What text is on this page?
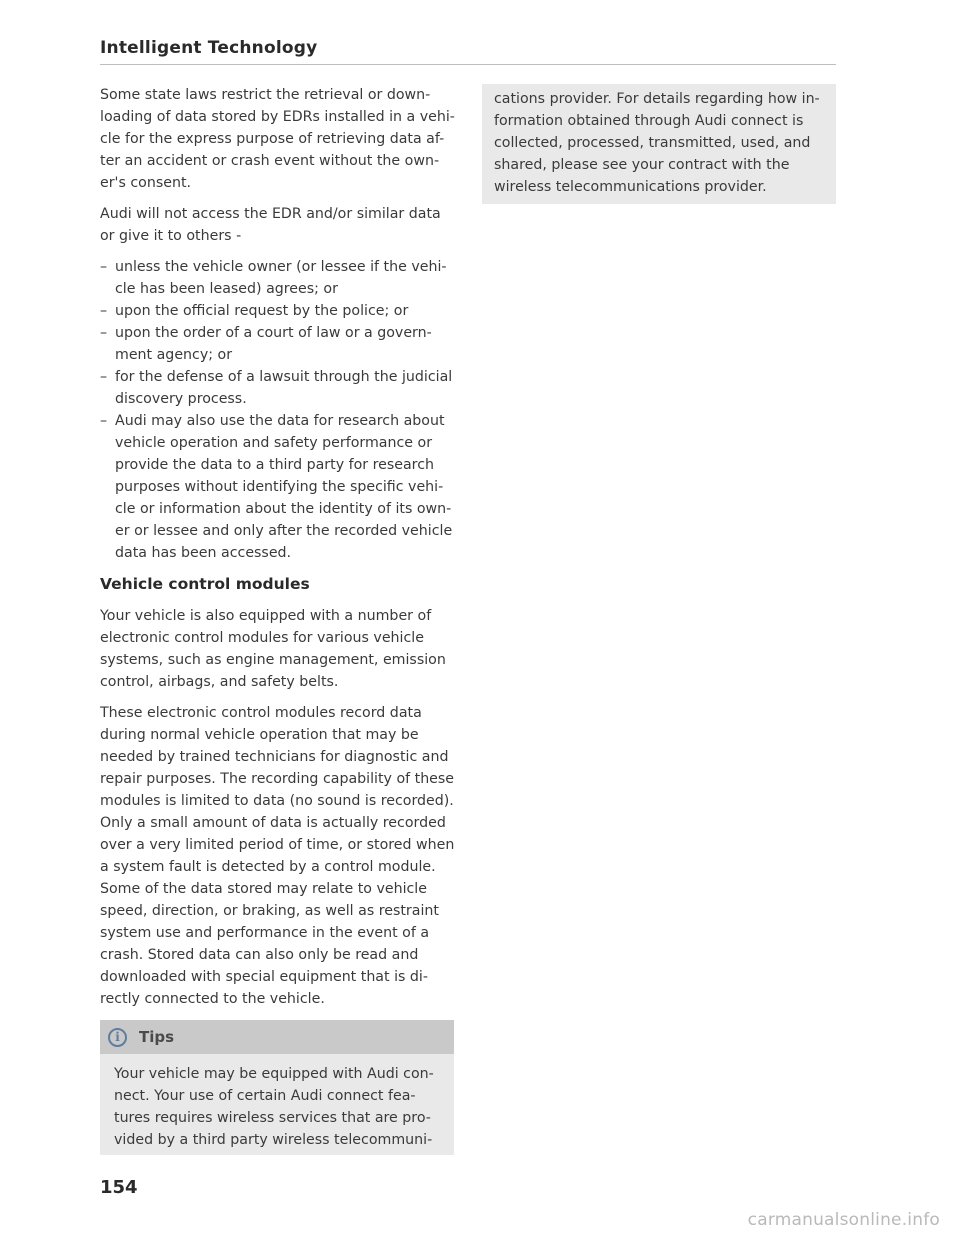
Intelligent Technology

Some state laws restrict the retrieval or down-loading of data stored by EDRs installed in a vehi-cle for the express purpose of retrieving data af-ter an accident or crash event without the own-er's consent.

Audi will not access the EDR and/or similar data or give it to others -

– unless the vehicle owner (or lessee if the vehi-cle has been leased) agrees; or
– upon the official request by the police; or
– upon the order of a court of law or a govern-ment agency; or
– for the defense of a lawsuit through the judicial discovery process.
– Audi may also use the data for research about vehicle operation and safety performance or provide the data to a third party for research purposes without identifying the specific vehi-cle or information about the identity of its own-er or lessee and only after the recorded vehicle data has been accessed.
Vehicle control modules

Your vehicle is also equipped with a number of electronic control modules for various vehicle systems, such as engine management, emission control, airbags, and safety belts.

These electronic control modules record data during normal vehicle operation that may be needed by trained technicians for diagnostic and repair purposes. The recording capability of these modules is limited to data (no sound is recorded). Only a small amount of data is actually recorded over a very limited period of time, or stored when a system fault is detected by a control module. Some of the data stored may relate to vehicle speed, direction, or braking, as well as restraint system use and performance in the event of a crash. Stored data can also only be read and downloaded with special equipment that is di-rectly connected to the vehicle.

i	Tips

Your vehicle may be equipped with Audi con-nect. Your use of certain Audi connect fea-tures requires wireless services that are pro-vided by a third party wireless telecommuni-

cations provider. For details regarding how in-formation obtained through Audi connect is collected, processed, transmitted, used, and shared, please see your contract with the wireless telecommunications provider.

154
carmanualsonline.info
